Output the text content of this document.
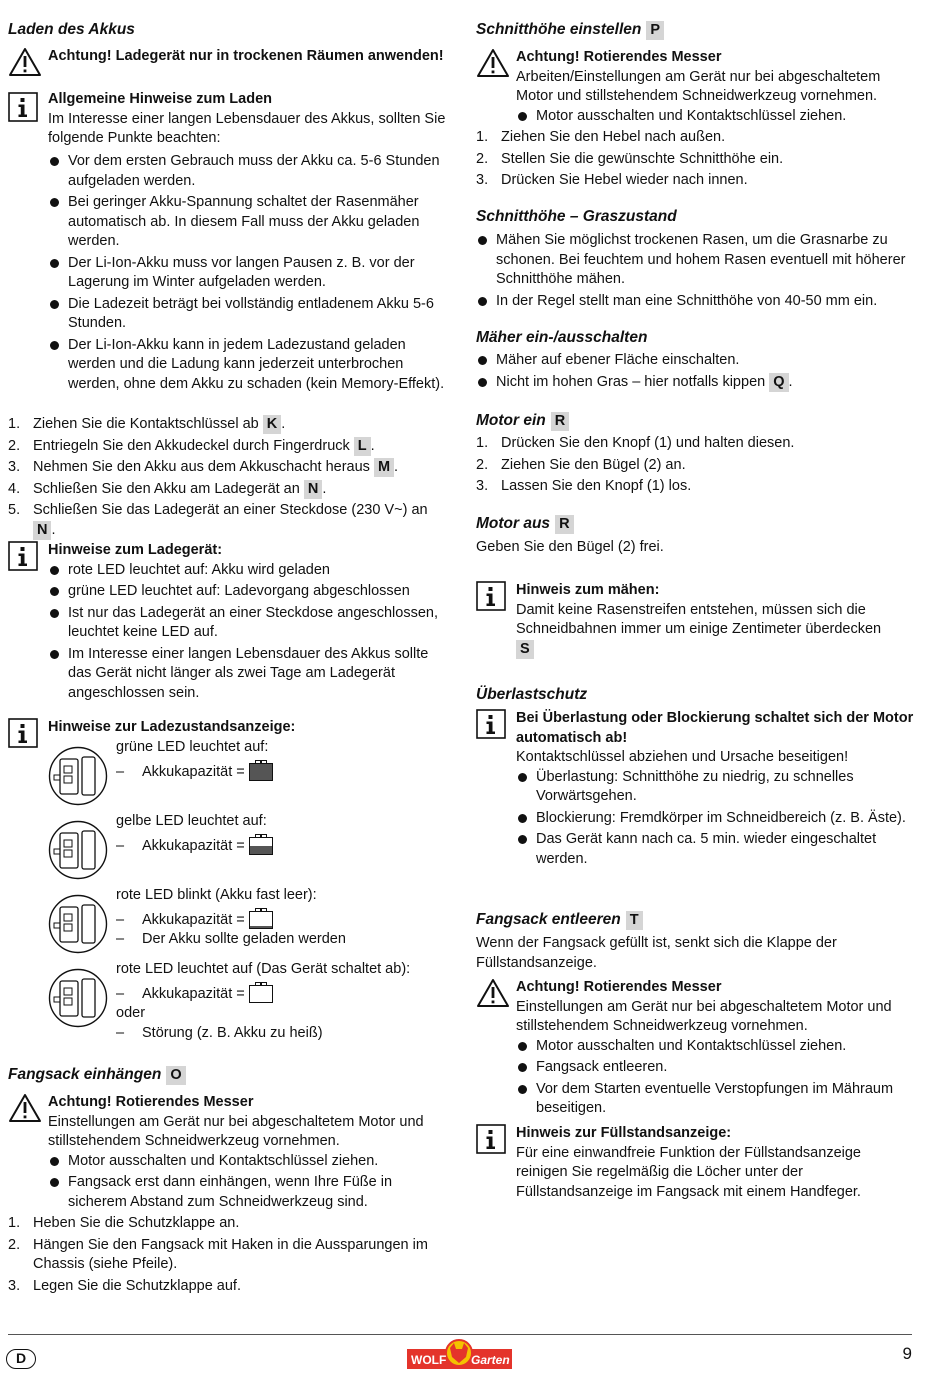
Laden des Akkus
Achtung! Ladegerät nur in trockenen Räumen anwenden!
Allgemeine Hinweise zum Laden
Im Interesse einer langen Lebensdauer des Akkus, sollten Sie folgende Punkte beachten:
Vor dem ersten Gebrauch muss der Akku ca. 5-6 Stunden aufgeladen werden.
Bei geringer Akku-Spannung schaltet der Rasenmäher automatisch ab. In diesem Fall muss der Akku geladen werden.
Der Li-Ion-Akku muss vor langen Pausen z. B. vor der Lagerung im Winter aufgeladen werden.
Die Ladezeit beträgt bei vollständig entladenem Akku 5-6 Stunden.
Der Li-Ion-Akku kann in jedem Ladezustand geladen werden und die Ladung kann jederzeit unterbrochen werden, ohne dem Akku zu schaden (kein Memory-Effekt).
1. Ziehen Sie die Kontaktschlüssel ab K .
2. Entriegeln Sie den Akkudeckel durch Fingerdruck L .
3. Nehmen Sie den Akku aus dem Akkuschacht heraus M .
4. Schließen Sie den Akku am Ladegerät an N .
5. Schließen Sie das Ladegerät an einer Steckdose (230 V~) an
N .
Hinweise zum Ladegerät:
rote LED leuchtet auf: Akku wird geladen
grüne LED leuchtet auf: Ladevorgang abgeschlossen
Ist nur das Ladegerät an einer Steckdose angeschlossen, leuchtet keine LED auf.
Im Interesse einer langen Lebensdauer des Akkus sollte das Gerät nicht länger als zwei Tage am Ladegerät angeschlossen sein.
Hinweise zur Ladezustandsanzeige:
grüne LED leuchtet auf:
– Akkukapazität =
gelbe LED leuchtet auf:
– Akkukapazität =
rote LED blinkt (Akku fast leer):
– Akkukapazität =
– Der Akku sollte geladen werden
rote LED leuchtet auf (Das Gerät schaltet ab):
– Akkukapazität =
oder
– Störung (z. B. Akku zu heiß)
Fangsack einhängen O
Achtung! Rotierendes Messer
Einstellungen am Gerät nur bei abgeschaltetem Motor und stillstehendem Schneidwerkzeug vornehmen.
Motor ausschalten und Kontaktschlüssel ziehen.
Fangsack erst dann einhängen, wenn Ihre Füße in sicherem Abstand zum Schneidwerkzeug sind.
1. Heben Sie die Schutzklappe an.
2. Hängen Sie den Fangsack mit Haken in die Aussparungen im Chassis (siehe Pfeile).
3. Legen Sie die Schutzklappe auf.
Schnitthöhe einstellen P
Achtung! Rotierendes Messer
Arbeiten/Einstellungen am Gerät nur bei abgeschaltetem Motor und stillstehendem Schneidwerkzeug vornehmen.
Motor ausschalten und Kontaktschlüssel ziehen.
1. Ziehen Sie den Hebel nach außen.
2. Stellen Sie die gewünschte Schnitthöhe ein.
3. Drücken Sie Hebel wieder nach innen.
Schnitthöhe – Graszustand
Mähen Sie möglichst trockenen Rasen, um die Grasnarbe zu schonen. Bei feuchtem und hohem Rasen eventuell mit höherer Schnitthöhe mähen.
In der Regel stellt man eine Schnitthöhe von 40-50 mm ein.
Mäher ein-/ausschalten
Mäher auf ebener Fläche einschalten.
Nicht im hohen Gras – hier notfalls kippen Q .
Motor ein R
1. Drücken Sie den Knopf (1) und halten diesen.
2. Ziehen Sie den Bügel (2) an.
3. Lassen Sie den Knopf (1) los.
Motor aus R
Geben Sie den Bügel (2) frei.
Hinweis zum mähen:
Damit keine Rasenstreifen entstehen, müssen sich die Schneidbahnen immer um einige Zentimeter überdecken
S
Überlastschutz
Bei Überlastung oder Blockierung schaltet sich der Motor automatisch ab!
Kontaktschlüssel abziehen und Ursache beseitigen!
Überlastung: Schnitthöhe zu niedrig, zu schnelles Vorwärtsgehen.
Blockierung: Fremdkörper im Schneidbereich (z. B. Äste).
Das Gerät kann nach ca. 5 min. wieder eingeschaltet werden.
Fangsack entleeren T
Wenn der Fangsack gefüllt ist, senkt sich die Klappe der Füllstandsanzeige.
Achtung! Rotierendes Messer
Einstellungen am Gerät nur bei abgeschaltetem Motor und stillstehendem Schneidwerkzeug vornehmen.
Motor ausschalten und Kontaktschlüssel ziehen.
Fangsack entleeren.
Vor dem Starten eventuelle Verstopfungen im Mähraum beseitigen.
Hinweis zur Füllstandsanzeige:
Für eine einwandfreie Funktion der Füllstandsanzeige reinigen Sie regelmäßig die Löcher unter der Füllstandsanzeige im Fangsack mit einem Handfeger.
D	WOLF Garten	9
